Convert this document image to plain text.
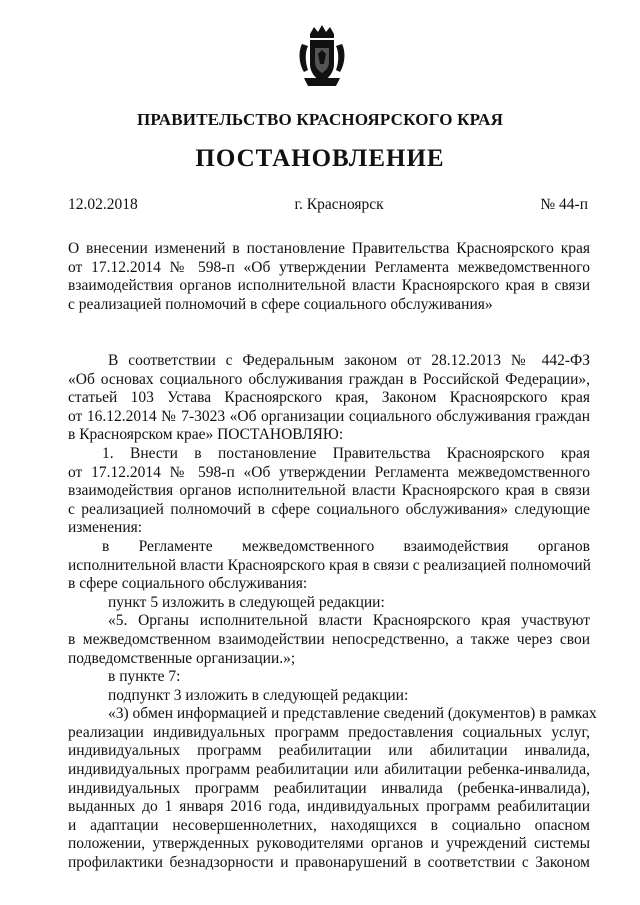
ПРАВИТЕЛЬСТВО КРАСНОЯРСКОГО КРАЯ
ПОСТАНОВЛЕНИЕ
12.02.2018	г. Красноярск	№ 44-п
О внесении изменений в постановление Правительства Красноярского края
от 17.12.2014 № 598-п «Об утверждении Регламента межведомственного
взаимодействия органов исполнительной власти Красноярского края в связи
с реализацией полномочий в сфере социального обслуживания»
В соответствии с Федеральным законом от 28.12.2013 № 442-ФЗ
«Об основах социального обслуживания граждан в Российской Федерации»,
статьей 103 Устава Красноярского края, Законом Красноярского края
от 16.12.2014 № 7-3023 «Об организации социального обслуживания граждан
в Красноярском крае» ПОСТАНОВЛЯЮ:
1. Внести в постановление Правительства Красноярского края
от 17.12.2014 № 598-п «Об утверждении Регламента межведомственного
взаимодействия органов исполнительной власти Красноярского края в связи
с реализацией полномочий в сфере социального обслуживания» следующие
изменения:
в Регламенте межведомственного взаимодействия органов
исполнительной власти Красноярского края в связи с реализацией полномочий
в сфере социального обслуживания:
пункт 5 изложить в следующей редакции:
«5. Органы исполнительной власти Красноярского края участвуют
в межведомственном взаимодействии непосредственно, а также через свои
подведомственные организации.»;
в пункте 7:
подпункт 3 изложить в следующей редакции:
«3) обмен информацией и представление сведений (документов) в рамках
реализации индивидуальных программ предоставления социальных услуг,
индивидуальных программ реабилитации или абилитации инвалида,
индивидуальных программ реабилитации или абилитации ребенка-инвалида,
индивидуальных программ реабилитации инвалида (ребенка-инвалида),
выданных до 1 января 2016 года, индивидуальных программ реабилитации
и адаптации несовершеннолетних, находящихся в социально опасном
положении, утвержденных руководителями органов и учреждений системы
профилактики безнадзорности и правонарушений в соответствии с Законом
